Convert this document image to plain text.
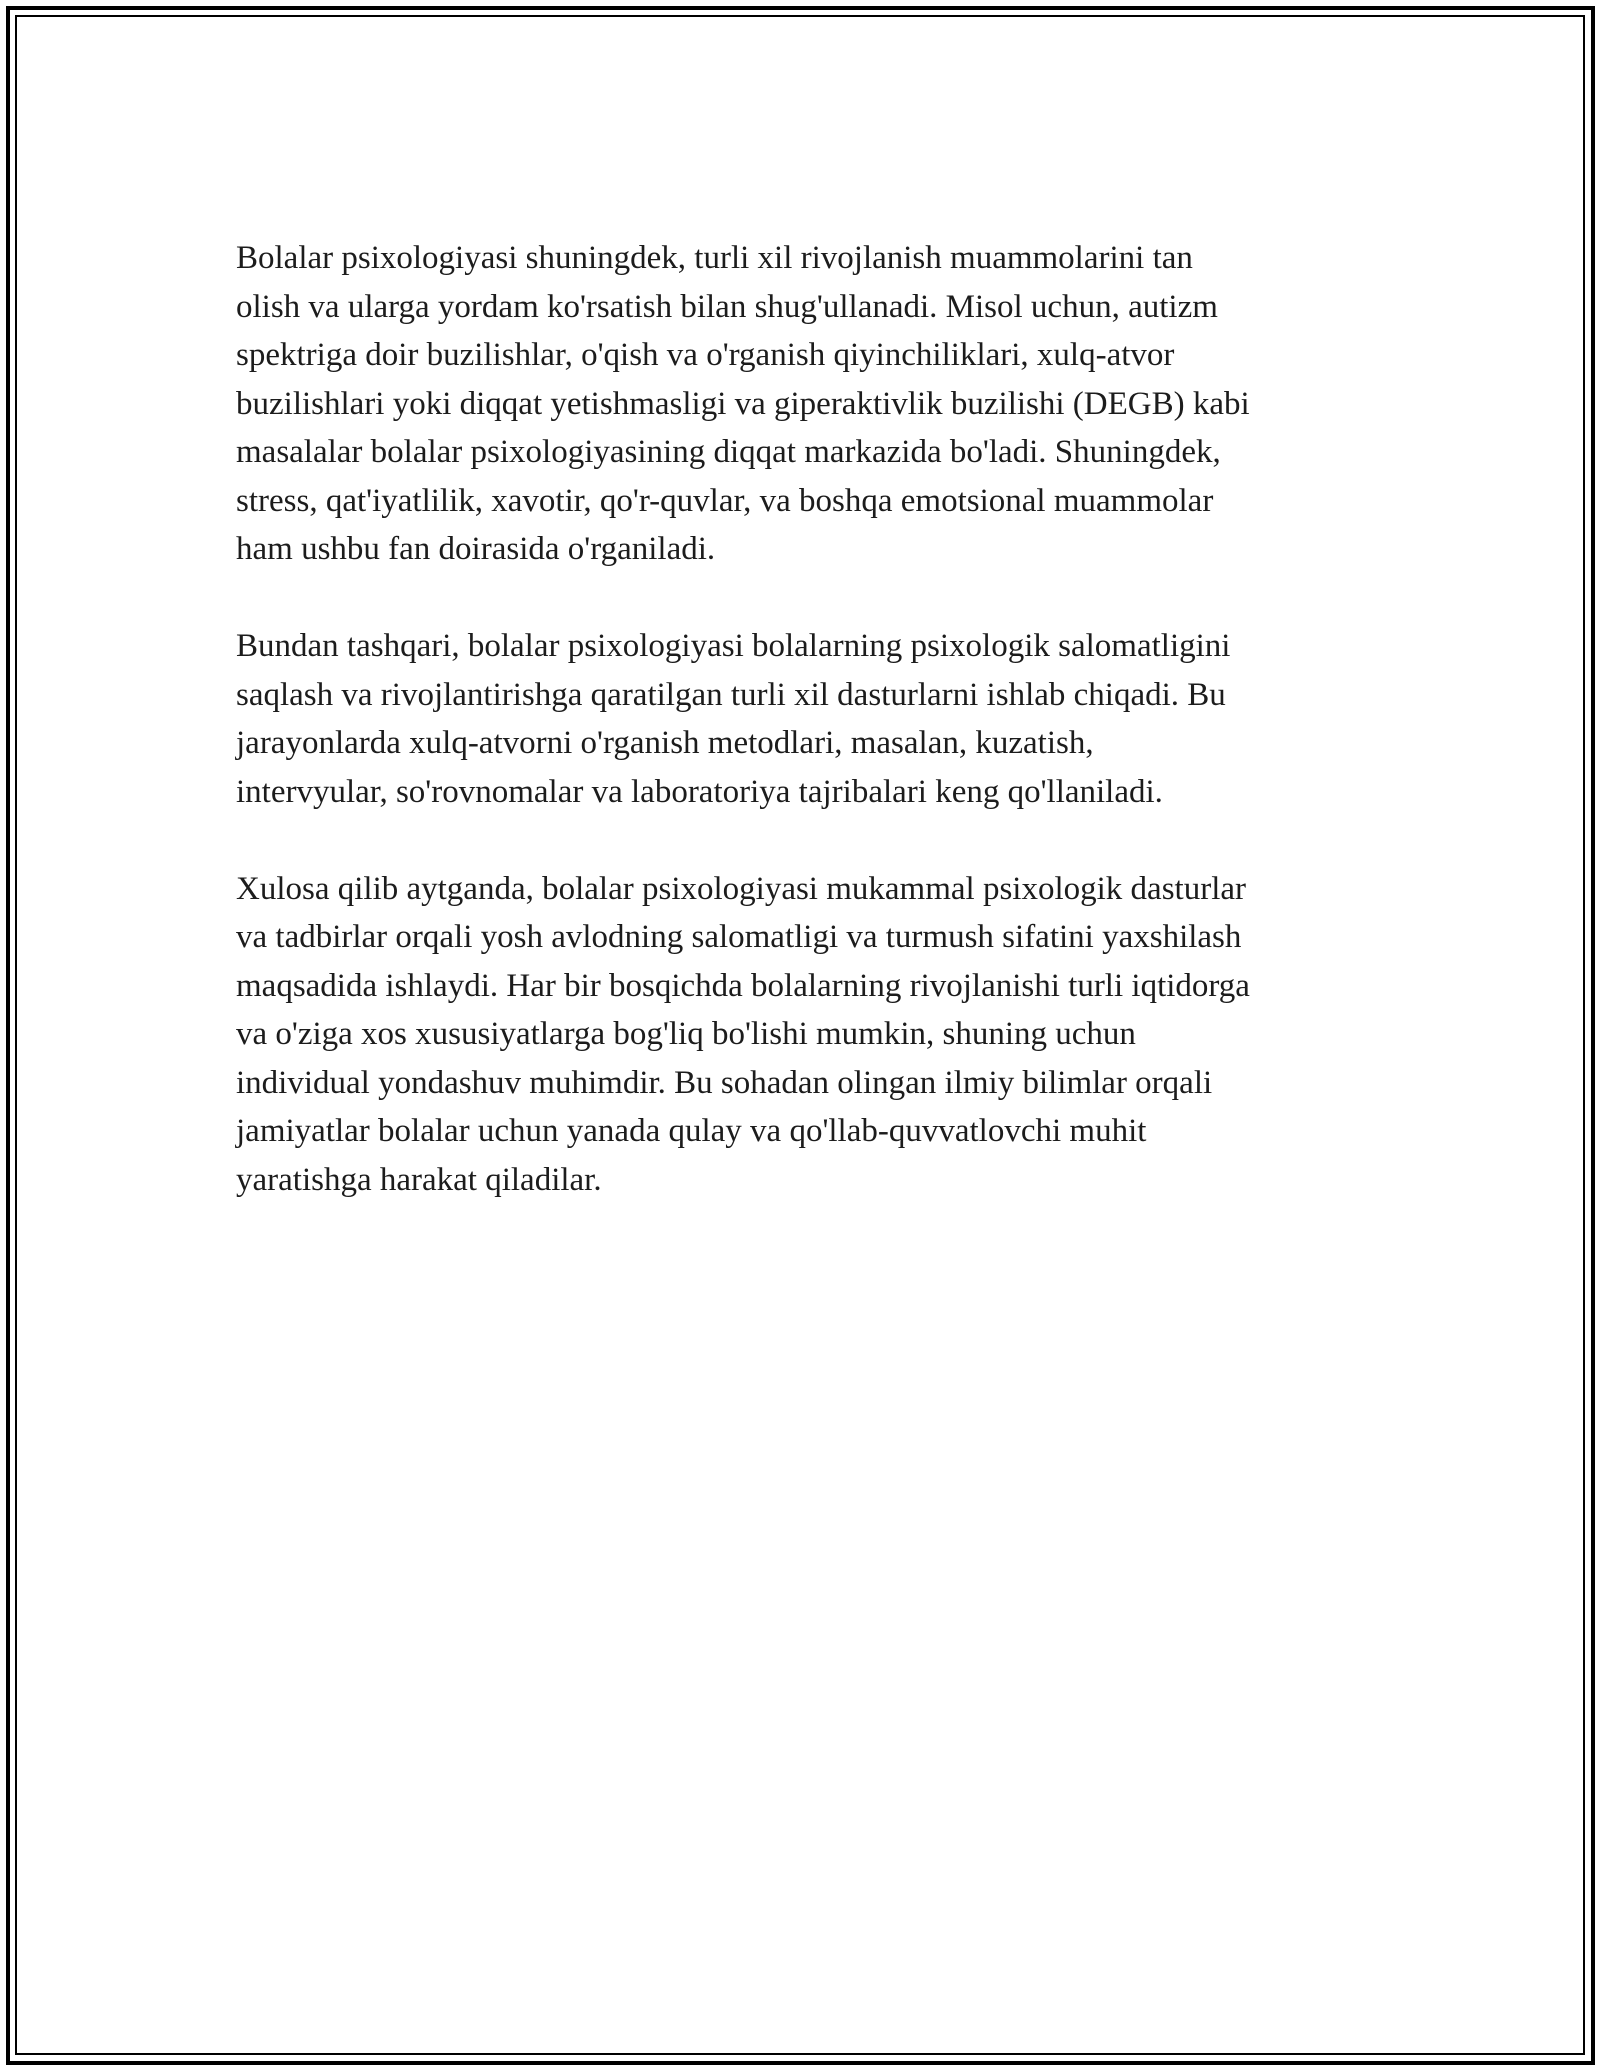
Bolalar psixologiyasi shuningdek, turli xil rivojlanish muammolarini tan
olish va ularga yordam ko'rsatish bilan shug'ullanadi. Misol uchun, autizm
spektriga doir buzilishlar, o'qish va o'rganish qiyinchiliklari, xulq-atvor
buzilishlari yoki diqqat yetishmasligi va giperaktivlik buzilishi (DEGB) kabi
masalalar bolalar psixologiyasining diqqat markazida bo'ladi. Shuningdek,
stress, qat'iyatlilik, xavotir, qo'r-quvlar, va boshqa emotsional muammolar
ham ushbu fan doirasida o'rganiladi.

Bundan tashqari, bolalar psixologiyasi bolalarning psixologik salomatligini
saqlash va rivojlantirishga qaratilgan turli xil dasturlarni ishlab chiqadi. Bu
jarayonlarda xulq-atvorni o'rganish metodlari, masalan, kuzatish,
intervyular, so'rovnomalar va laboratoriya tajribalari keng qo'llaniladi.

Xulosa qilib aytganda, bolalar psixologiyasi mukammal psixologik dasturlar
va tadbirlar orqali yosh avlodning salomatligi va turmush sifatini yaxshilash
maqsadida ishlaydi. Har bir bosqichda bolalarning rivojlanishi turli iqtidorga
va o'ziga xos xususiyatlarga bog'liq bo'lishi mumkin, shuning uchun
individual yondashuv muhimdir. Bu sohadan olingan ilmiy bilimlar orqali
jamiyatlar bolalar uchun yanada qulay va qo'llab-quvvatlovchi muhit
yaratishga harakat qiladilar.
